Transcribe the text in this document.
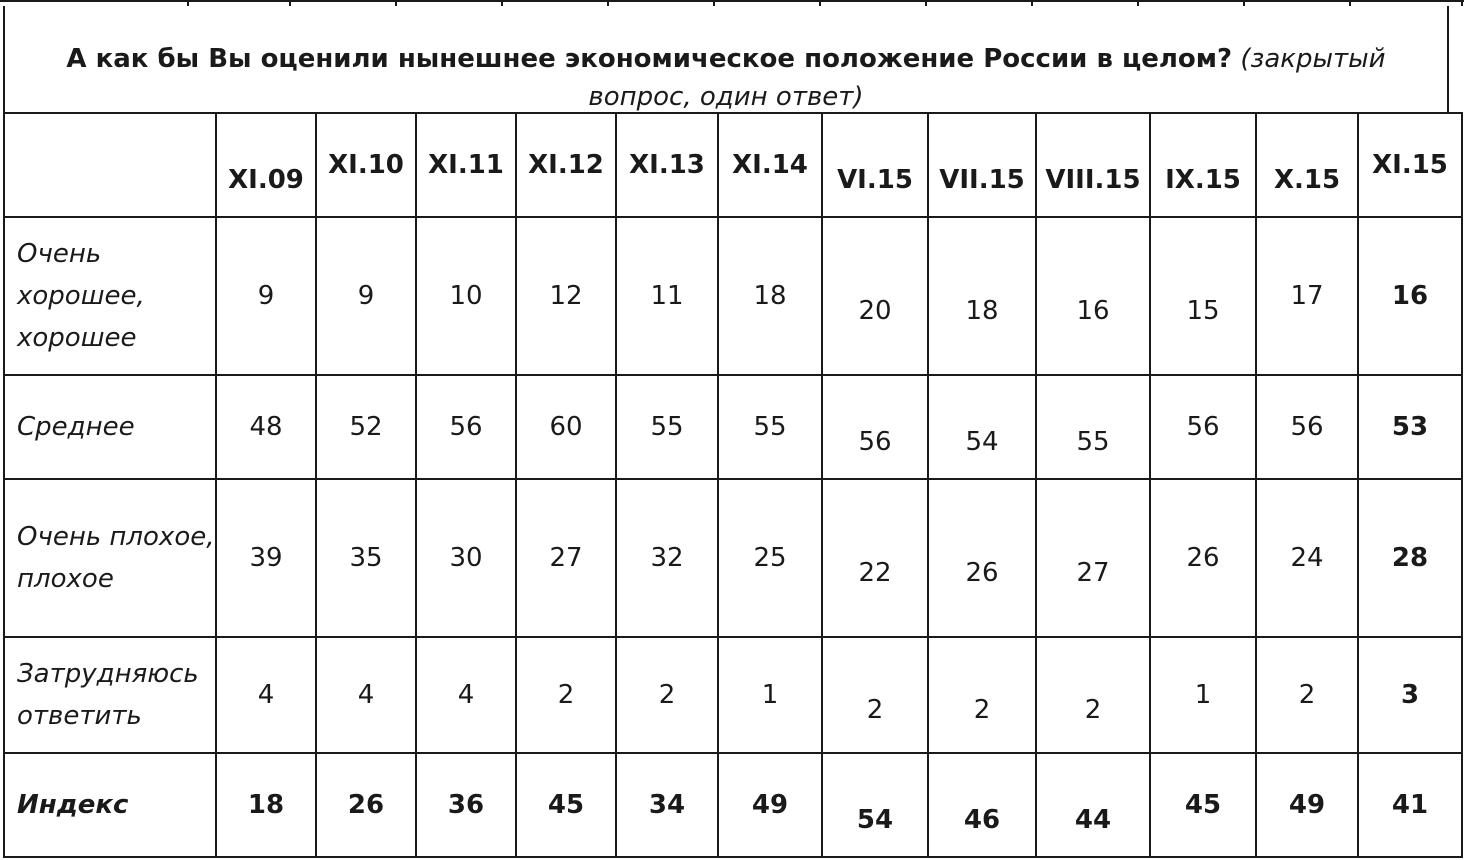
А как бы Вы оценили нынешнее экономическое положение России в целом? (закрытый вопрос, один ответ)
	XI.09	XI.10	XI.11	XI.12	XI.13	XI.14	VI.15	VII.15	VIII.15	IX.15	X.15	XI.15
Очень хорошее, хорошее	9	9	10	12	11	18	20	18	16	15	17	16
Среднее	48	52	56	60	55	55	56	54	55	56	56	53
Очень плохое, плохое	39	35	30	27	32	25	22	26	27	26	24	28
Затрудняюсь ответить	4	4	4	2	2	1	2	2	2	1	2	3
Индекс	18	26	36	45	34	49	54	46	44	45	49	41
